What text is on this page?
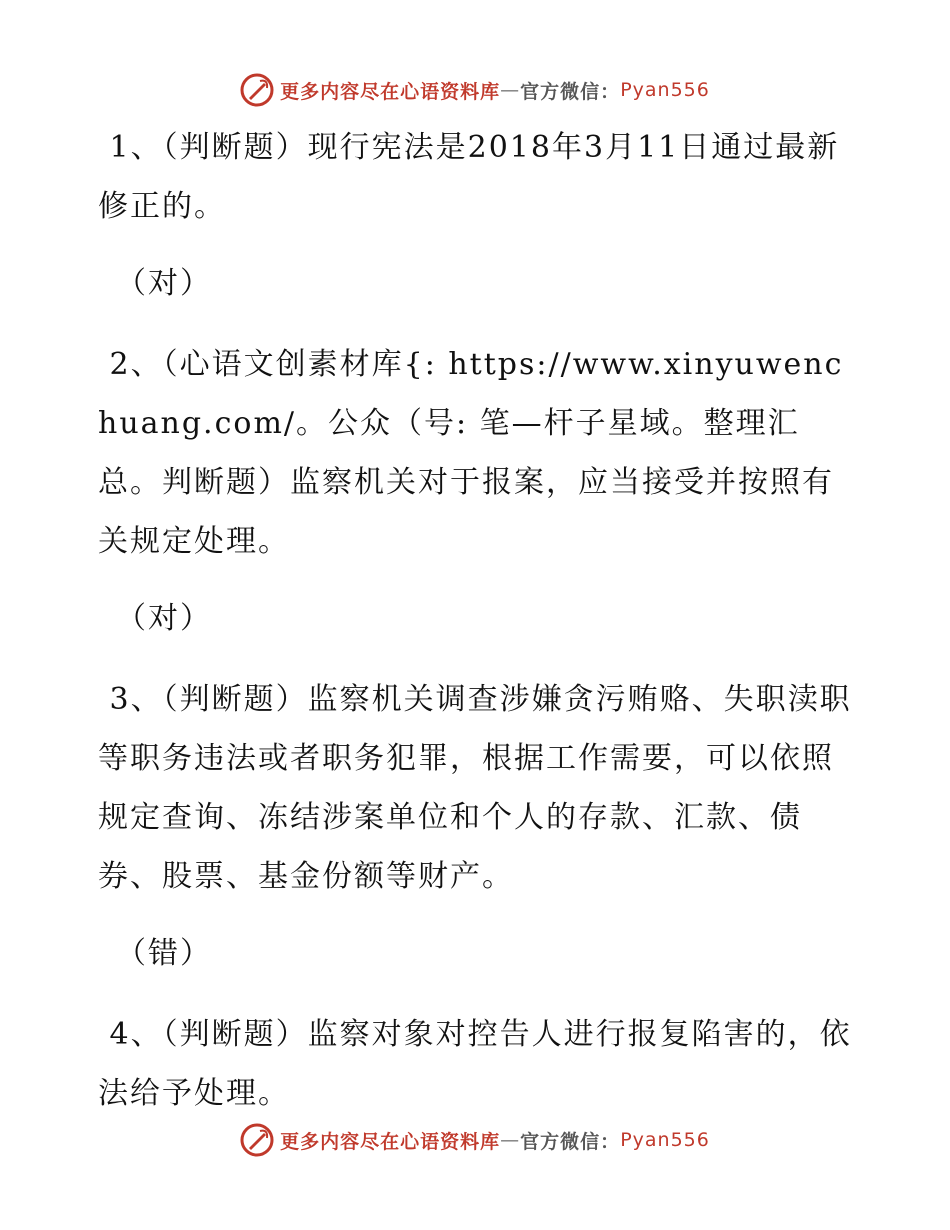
更多内容尽在心语资料库 — 官方微信： Pyan556

1、（判断题）现行宪法是2018年3月11日通过最新修正的。

（对）

2、（心语文创素材库{: https://www.xinyuwenchuang.com/。公众（号: 笔—杆子星域。整理汇总。判断题）监察机关对于报案，应当接受并按照有关规定处理。

（对）

3、（判断题）监察机关调查涉嫌贪污贿赂、失职渎职等职务违法或者职务犯罪，根据工作需要，可以依照规定查询、冻结涉案单位和个人的存款、汇款、债券、股票、基金份额等财产。

（错）

4、（判断题）监察对象对控告人进行报复陷害的，依法给予处理。

更多内容尽在心语资料库 — 官方微信： Pyan556
